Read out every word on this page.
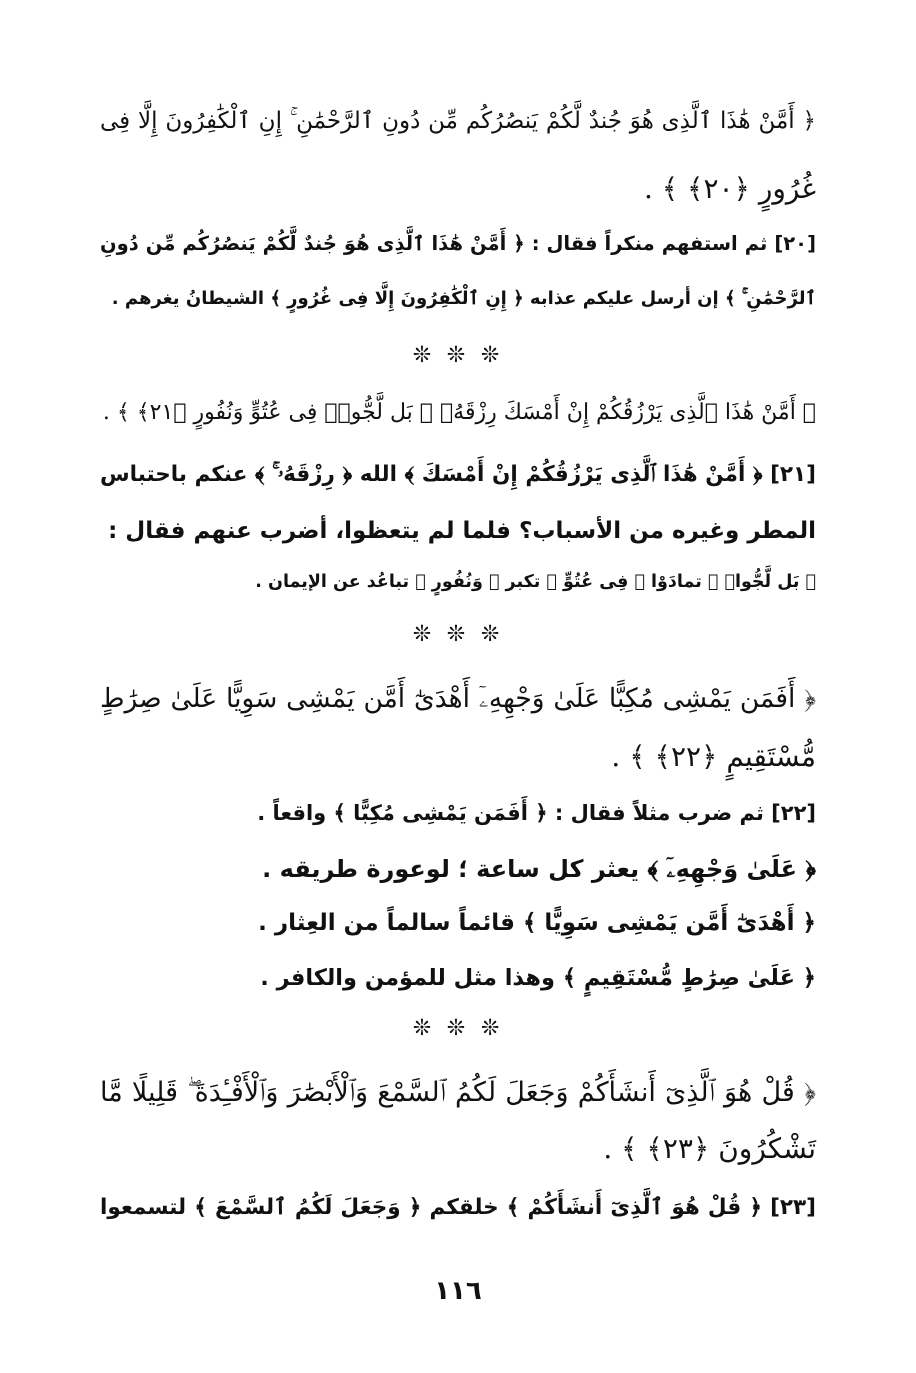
﴿ أَمَّنْ هَٰذَا ٱلَّذِى هُوَ جُندٌ لَّكُمْ يَنصُرُكُم مِّن دُونِ ٱلرَّحْمَٰنِ ۚ إِنِ ٱلْكَٰفِرُونَ إِلَّا فِى
غُرُورٍ ﴿٢٠﴾ ﴾ .
[٢٠] ثم استفهم منكراً فقال : ﴿ أَمَّنْ هَٰذَا ٱلَّذِى هُوَ جُندٌ لَّكُمْ يَنصُرُكُم مِّن دُونِ
ٱلرَّحْمَٰنِ ۚ ﴾ إن أرسل عليكم عذابه ﴿ إِنِ ٱلْكَٰفِرُونَ إِلَّا فِى غُرُورٍ ﴾ الشيطانُ يغرهم .
❊ ❊ ❊
﴿ أَمَّنْ هَٰذَا ٱلَّذِى يَرْزُقُكُمْ إِنْ أَمْسَكَ رِزْقَهُۥ ۚ بَل لَّجُّوا۟ فِى عُتُوٍّ وَنُفُورٍ ﴿٢١﴾ ﴾ .
[٢١] ﴿ أَمَّنْ هَٰذَا ٱلَّذِى يَرْزُقُكُمْ إِنْ أَمْسَكَ ﴾ الله ﴿ رِزْقَهُۥ ۚ ﴾ عنكم باحتباس
المطر وغيره من الأسباب؟ فلما لم يتعظوا، أضرب عنهم فقال :
﴿ بَل لَّجُّوا۟ ﴾ تمادَوْا ﴿ فِى عُتُوٍّ ﴾ تكبر ﴿ وَنُفُورٍ ﴾ تباعُد عن الإيمان .
❊ ❊ ❊
﴿ أَفَمَن يَمْشِى مُكِبًّا عَلَىٰ وَجْهِهِۦٓ أَهْدَىٰٓ أَمَّن يَمْشِى سَوِيًّا عَلَىٰ صِرَٰطٍ
مُّسْتَقِيمٍ ﴿٢٢﴾ ﴾ .
[٢٢] ثم ضرب مثلاً فقال : ﴿ أَفَمَن يَمْشِى مُكِبًّا ﴾ واقعاً .
﴿ عَلَىٰ وَجْهِهِۦٓ ﴾ يعثر كل ساعة ؛ لوعورة طريقه .
﴿ أَهْدَىٰٓ أَمَّن يَمْشِى سَوِيًّا ﴾ قائماً سالماً من العِثار .
﴿ عَلَىٰ صِرَٰطٍ مُّسْتَقِيمٍ ﴾ وهذا مثل للمؤمن والكافر .
❊ ❊ ❊
﴿ قُلْ هُوَ ٱلَّذِىٓ أَنشَأَكُمْ وَجَعَلَ لَكُمُ ٱلسَّمْعَ وَٱلْأَبْصَٰرَ وَٱلْأَفْـِٔدَةَ ۖ قَلِيلًا مَّا
تَشْكُرُونَ ﴿٢٣﴾ ﴾ .
[٢٣] ﴿ قُلْ هُوَ ٱلَّذِىٓ أَنشَأَكُمْ ﴾ خلقكم ﴿ وَجَعَلَ لَكُمُ ٱلسَّمْعَ ﴾ لتسمعوا
١١٦
